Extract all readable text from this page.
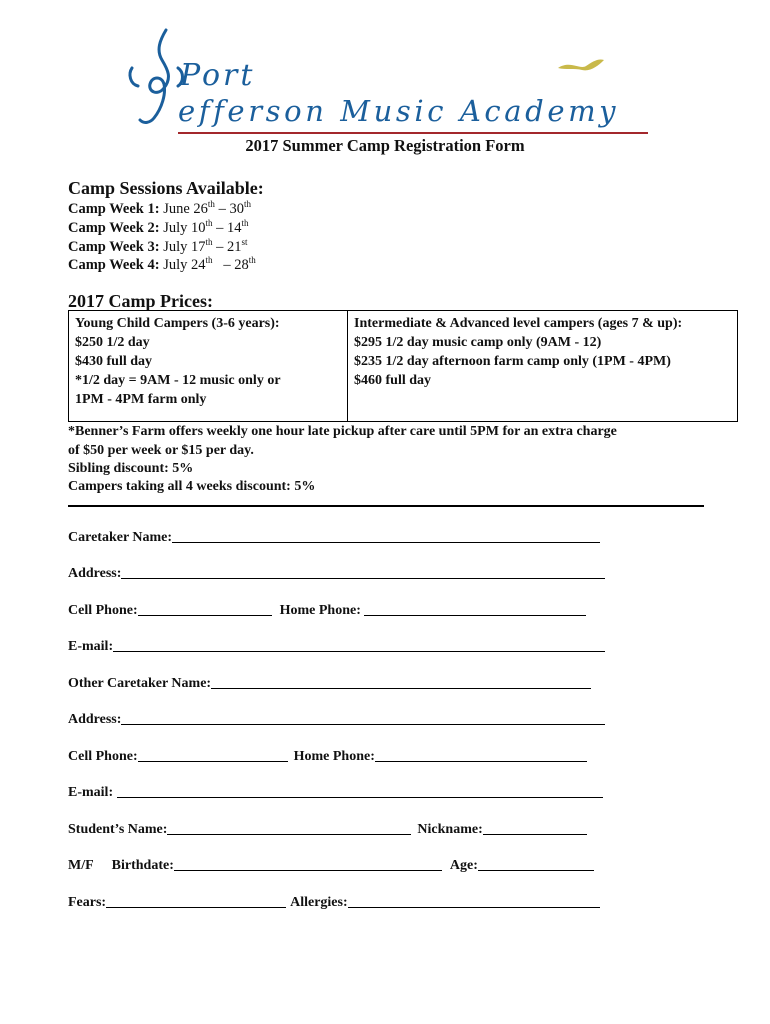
Port
efferson Music Academy
2017 Summer Camp Registration Form
Camp Sessions Available:
Camp Week 1: June 26th – 30th
Camp Week 2: July 10th – 14th
Camp Week 3: July 17th – 21st
Camp Week 4: July 24th   – 28th
2017 Camp Prices:
Young Child Campers (3-6 years):
$250 1/2 day
$430 full day
*1/2 day = 9AM - 12 music only or
1PM - 4PM farm only

Intermediate & Advanced level campers (ages 7 & up):
$295 1/2 day music camp only (9AM - 12)
$235 1/2 day afternoon farm camp only (1PM - 4PM)
$460 full day
*Benner’s Farm offers weekly one hour late pickup after care until 5PM for an extra charge
of $50 per week or $15 per day.
Sibling discount: 5%
Campers taking all 4 weeks discount: 5%
Caretaker Name:
Address:
Cell Phone:	Home Phone:
E-mail:
Other Caretaker Name:
Address:
Cell Phone:	Home Phone:
E-mail:
Student’s Name:	Nickname:
M/F Birthdate:	Age:
Fears:	Allergies:
